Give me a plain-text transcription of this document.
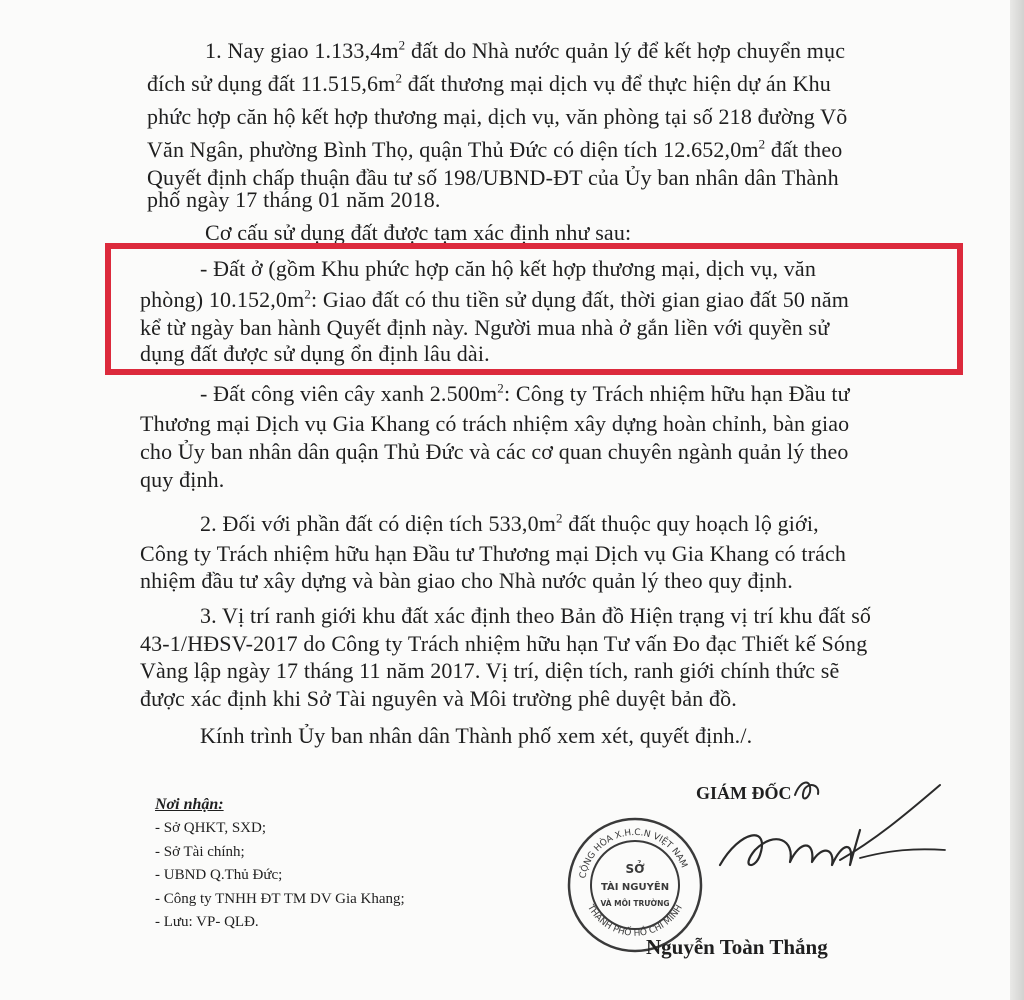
1. Nay giao $1.133,4m^2$ đất do Nhà nước quản lý để kết hợp chuyển mục
đích sử dụng đất $11.515,6m^2$ đất thương mại dịch vụ để thực hiện dự án Khu
phức hợp căn hộ kết hợp thương mại, dịch vụ, văn phòng tại số 218 đường Võ
Văn Ngân, phường Bình Thọ, quận Thủ Đức có diện tích $12.652,0m^2$ đất theo
Quyết định chấp thuận đầu tư số 198/UBND-ĐT của Ủy ban nhân dân Thành
phố ngày 17 tháng 01 năm 2018.
Cơ cấu sử dụng đất được tạm xác định như sau:
- Đất ở (gồm Khu phức hợp căn hộ kết hợp thương mại, dịch vụ, văn
phòng) $10.152,0m^2$: Giao đất có thu tiền sử dụng đất, thời gian giao đất 50 năm
kể từ ngày ban hành Quyết định này. Người mua nhà ở gắn liền với quyền sử
dụng đất được sử dụng ổn định lâu dài.
- Đất công viên cây xanh $2.500m^2$: Công ty Trách nhiệm hữu hạn Đầu tư
Thương mại Dịch vụ Gia Khang có trách nhiệm xây dựng hoàn chỉnh, bàn giao
cho Ủy ban nhân dân quận Thủ Đức và các cơ quan chuyên ngành quản lý theo
quy định.
2. Đối với phần đất có diện tích $533,0m^2$ đất thuộc quy hoạch lộ giới,
Công ty Trách nhiệm hữu hạn Đầu tư Thương mại Dịch vụ Gia Khang có trách
nhiệm đầu tư xây dựng và bàn giao cho Nhà nước quản lý theo quy định.
3. Vị trí ranh giới khu đất xác định theo Bản đồ Hiện trạng vị trí khu đất số
43-1/HĐSV-2017 do Công ty Trách nhiệm hữu hạn Tư vấn Đo đạc Thiết kế Sóng
Vàng lập ngày 17 tháng 11 năm 2017. Vị trí, diện tích, ranh giới chính thức sẽ
được xác định khi Sở Tài nguyên và Môi trường phê duyệt bản đồ.
Kính trình Ủy ban nhân dân Thành phố xem xét, quyết định./.
Nơi nhận:
- Sở QHKT, SXD;
- Sở Tài chính;
- UBND Q.Thủ Đức;
- Công ty TNHH ĐT TM DV Gia Khang;
- Lưu: VP- QLĐ.
GIÁM ĐỐC
CỘNG HÒA X.H.C.N VIỆT NAM
THÀNH PHỐ HỒ CHÍ MINH
SỞ
TÀI NGUYÊN
VÀ MÔI TRƯỜNG
Nguyễn Toàn Thắng
